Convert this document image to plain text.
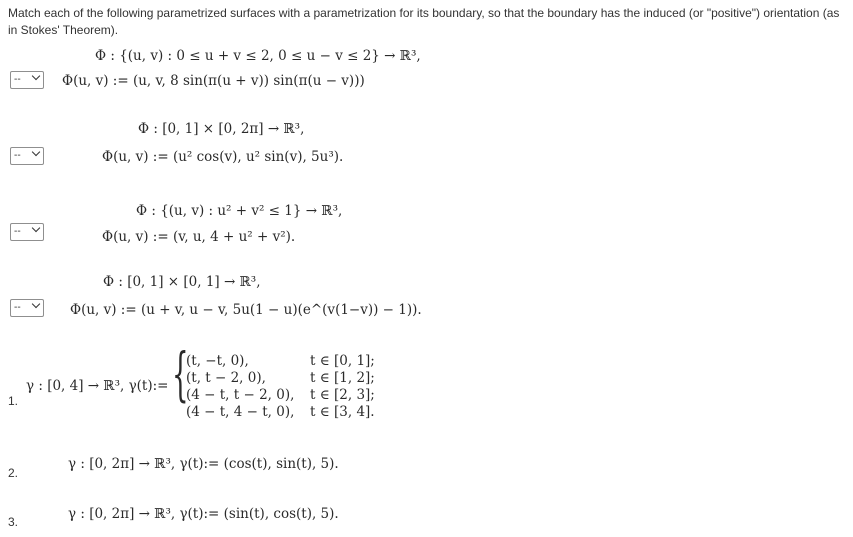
Match each of the following parametrized surfaces with a parametrization for its boundary, so that the boundary has the induced (or "positive") orientation (as in Stokes' Theorem).
--
Φ : {(u, v) : 0 ≤ u + v ≤ 2, 0 ≤ u − v ≤ 2} → ℝ³,
Φ(u, v) := (u, v, 8 sin(π(u + v)) sin(π(u − v)))
--
Φ : [0, 1] × [0, 2π] → ℝ³,
Φ(u, v) := (u² cos(v), u² sin(v), 5u³).
--
Φ : {(u, v) : u² + v² ≤ 1} → ℝ³,
Φ(u, v) := (v, u, 4 + u² + v²).
--
Φ : [0, 1] × [0, 1] → ℝ³,
Φ(u, v) := (u + v, u − v, 5u(1 − u)(e^(v(1−v)) − 1)).
1.
γ : [0, 4] → ℝ³, γ(t):= {
(t, −t, 0),	t ∈ [0, 1];
(t, t − 2, 0),	t ∈ [1, 2];
(4 − t, t − 2, 0), t ∈ [2, 3];
(4 − t, 4 − t, 0), t ∈ [3, 4].
2.
γ : [0, 2π] → ℝ³, γ(t):= (cos(t), sin(t), 5).
3.	γ : [0, 2π] → ℝ³, γ(t):= (sin(t), cos(t), 5).
